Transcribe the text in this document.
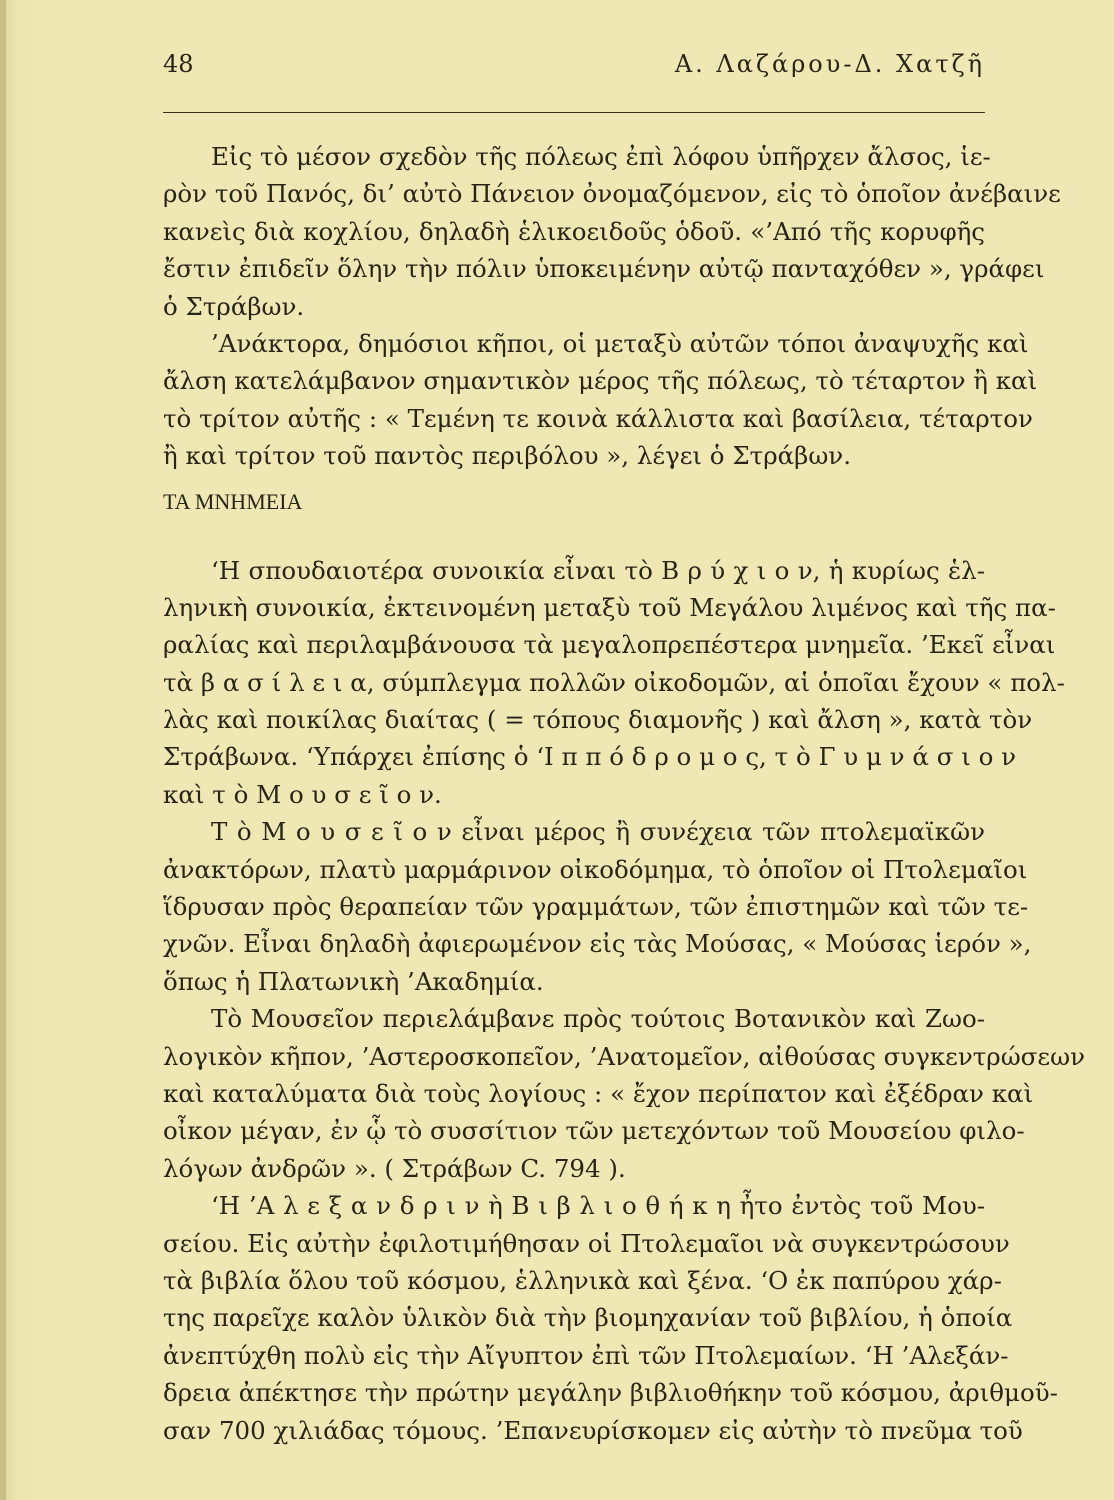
48	Α. Λαζάρου-Δ. Χατζῆ
Εἰς τὸ μέσον σχεδὸν τῆς πόλεως ἐπὶ λόφου ὑπῆρχεν ἄλσος, ἱε-
ρὸν τοῦ Πανός, δι’ αὐτὸ Πάνειον ὀνομαζόμενον, εἰς τὸ ὁποῖον ἀνέβαινε
κανεὶς διὰ κοχλίου, δηλαδὴ ἑλικοειδοῦς ὁδοῦ. «’Από τῆς κορυφῆς
ἔστιν ἐπιδεῖν ὅλην τὴν πόλιν ὑποκειμένην αὐτῷ πανταχόθεν », γράφει
ὁ Στράβων.
’Ανάκτορα, δημόσιοι κῆποι, οἱ μεταξὺ αὐτῶν τόποι ἀναψυχῆς καὶ
ἄλση κατελάμβανον σημαντικὸν μέρος τῆς πόλεως, τὸ τέταρτον ἢ καὶ
τὸ τρίτον αὐτῆς : « Τεμένη τε κοινὰ κάλλιστα καὶ βασίλεια, τέταρτον
ἢ καὶ τρίτον τοῦ παντὸς περιβόλου », λέγει ὁ Στράβων.
ΤΑ ΜΝΗΜΕΙΑ
‘Η σπουδαιοτέρα συνοικία εἶναι τὸ Β ρ ύ χ ι ο ν, ἡ κυρίως ἑλ-
ληνικὴ συνοικία, ἐκτεινομένη μεταξὺ τοῦ Μεγάλου λιμένος καὶ τῆς πα-
ραλίας καὶ περιλαμβάνουσα τὰ μεγαλοπρεπέστερα μνημεῖα. ’Εκεῖ εἶναι
τὰ β α σ ί λ ε ι α, σύμπλεγμα πολλῶν οἰκοδομῶν, αἱ ὁποῖαι ἔχουν « πολ-
λὰς καὶ ποικίλας διαίτας ( = τόπους διαμονῆς ) καὶ ἄλση », κατὰ τὸν
Στράβωνα. ‘Υπάρχει ἐπίσης ὁ ‘Ι π π ό δ ρ ο μ ο ς, τ ὸ Γ υ μ ν ά σ ι ο ν
καὶ τ ὸ Μ ο υ σ ε ῖ ο ν.
Τ ὸ Μ ο υ σ ε ῖ ο ν εἶναι μέρος ἢ συνέχεια τῶν πτολεμαϊκῶν
ἀνακτόρων, πλατὺ μαρμάρινον οἰκοδόμημα, τὸ ὁποῖον οἱ Πτολεμαῖοι
ἵδρυσαν πρὸς θεραπείαν τῶν γραμμάτων, τῶν ἐπιστημῶν καὶ τῶν τε-
χνῶν. Εἶναι δηλαδὴ ἀφιερωμένον εἰς τὰς Μούσας, « Μούσας ἱερόν »,
ὅπως ἡ Πλατωνικὴ ’Ακαδημία.
Τὸ Μουσεῖον περιελάμβανε πρὸς τούτοις Βοτανικὸν καὶ Ζωο-
λογικὸν κῆπον, ’Αστεροσκοπεῖον, ’Ανατομεῖον, αἰθούσας συγκεντρώσεων
καὶ καταλύματα διὰ τοὺς λογίους : « ἔχον περίπατον καὶ ἐξέδραν καὶ
οἶκον μέγαν, ἐν ᾧ τὸ συσσίτιον τῶν μετεχόντων τοῦ Μουσείου φιλο-
λόγων ἀνδρῶν ». ( Στράβων C. 794 ).
‘Η ’Α λ ε ξ α ν δ ρ ι ν ὴ Β ι β λ ι ο θ ή κ η ἦτο ἐντὸς τοῦ Μου-
σείου. Εἰς αὐτὴν ἐφιλοτιμήθησαν οἱ Πτολεμαῖοι νὰ συγκεντρώσουν
τὰ βιβλία ὅλου τοῦ κόσμου, ἑλληνικὰ καὶ ξένα. ‘Ο ἐκ παπύρου χάρ-
της παρεῖχε καλὸν ὑλικὸν διὰ τὴν βιομηχανίαν τοῦ βιβλίου, ἡ ὁποία
ἀνεπτύχθη πολὺ εἰς τὴν Αἴγυπτον ἐπὶ τῶν Πτολεμαίων. ‘Η ’Αλεξάν-
δρεια ἀπέκτησε τὴν πρώτην μεγάλην βιβλιοθήκην τοῦ κόσμου, ἀριθμοῦ-
σαν 700 χιλιάδας τόμους. ’Επανευρίσκομεν εἰς αὐτὴν τὸ πνεῦμα τοῦ
